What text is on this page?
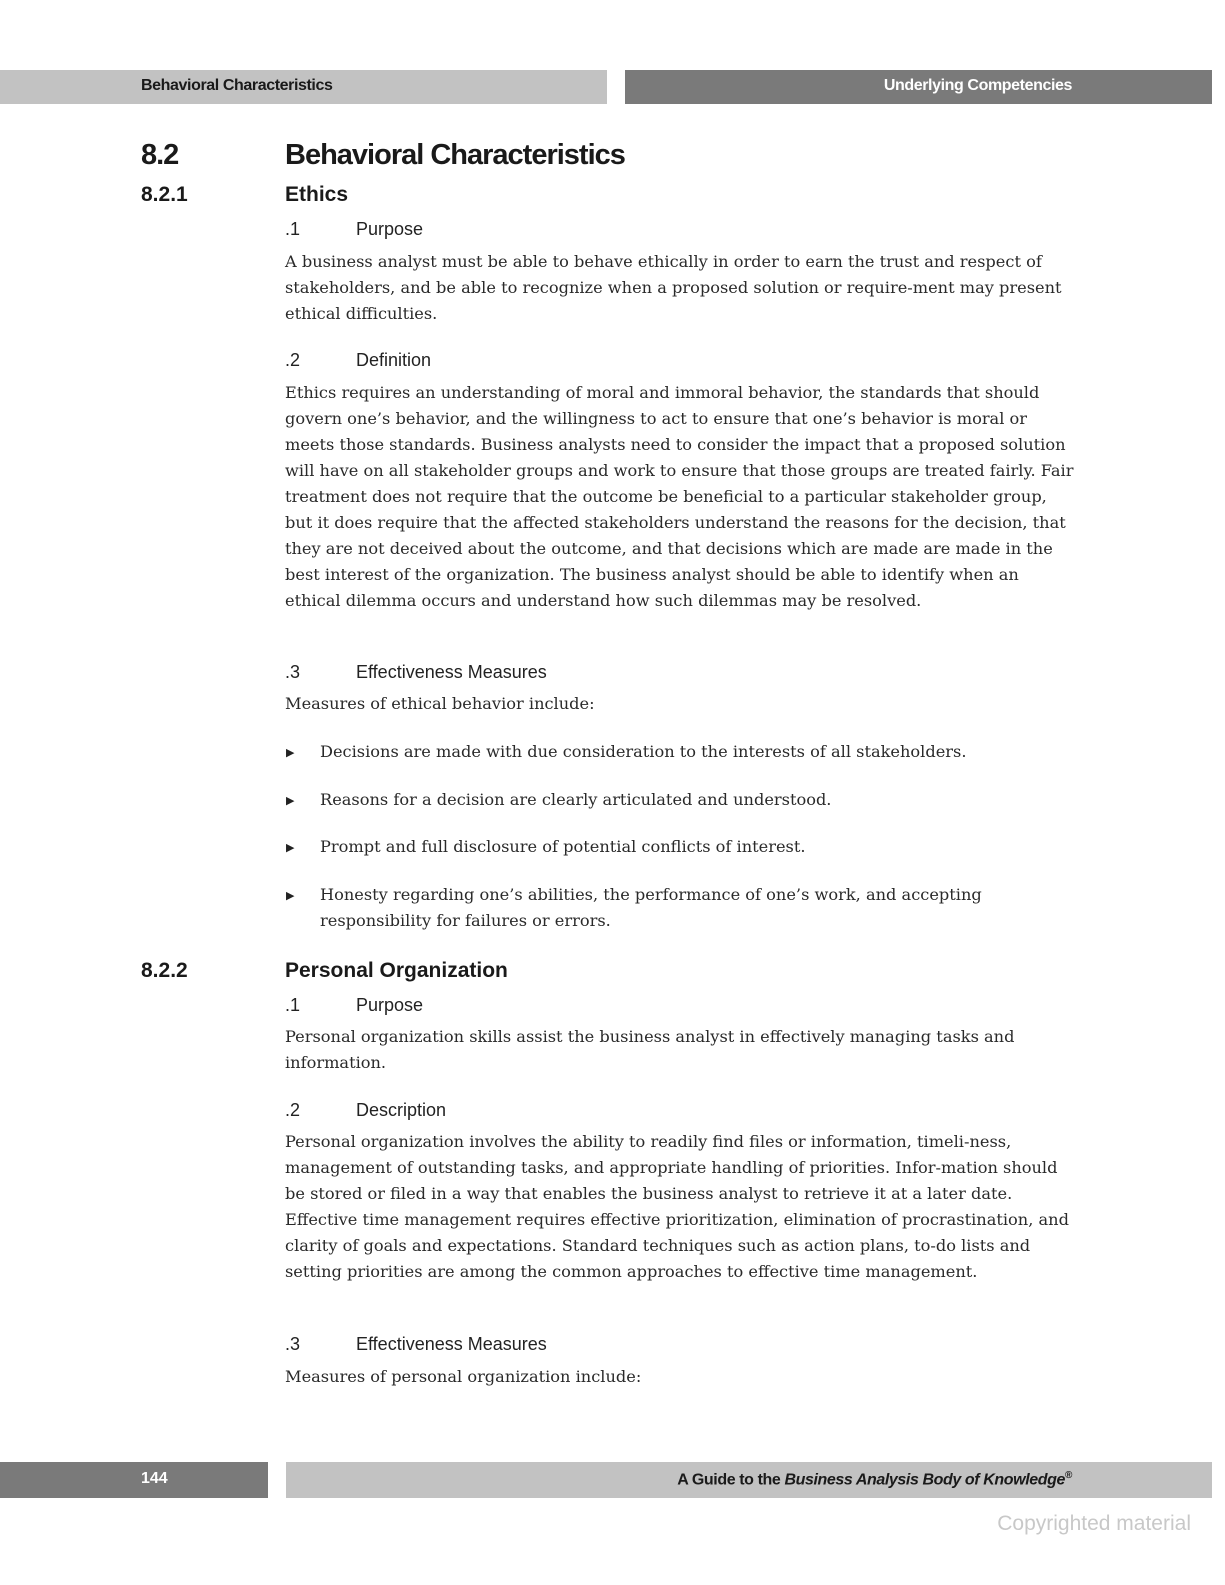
Behavioral Characteristics	Underlying Competencies
8.2	Behavioral Characteristics
8.2.1	Ethics
.1	Purpose

A business analyst must be able to behave ethically in order to earn the trust and respect of stakeholders, and be able to recognize when a proposed solution or require-ment may present ethical difficulties.

.2	Definition

Ethics requires an understanding of moral and immoral behavior, the standards that should govern one’s behavior, and the willingness to act to ensure that one’s behavior is moral or meets those standards. Business analysts need to consider the impact that a proposed solution will have on all stakeholder groups and work to ensure that those groups are treated fairly. Fair treatment does not require that the outcome be beneficial to a particular stakeholder group, but it does require that the affected stakeholders understand the reasons for the decision, that they are not deceived about the outcome, and that decisions which are made are made in the best interest of the organization. The business analyst should be able to identify when an ethical dilemma occurs and understand how such dilemmas may be resolved.

.3	Effectiveness Measures

Measures of ethical behavior include:

▶ Decisions are made with due consideration to the interests of all stakeholders.
▶ Reasons for a decision are clearly articulated and understood.
▶ Prompt and full disclosure of potential conflicts of interest.
▶ Honesty regarding one’s abilities, the performance of one’s work, and accepting responsibility for failures or errors.
8.2.2	Personal Organization
.1	Purpose

Personal organization skills assist the business analyst in effectively managing tasks and information.

.2	Description

Personal organization involves the ability to readily find files or information, timeli-ness, management of outstanding tasks, and appropriate handling of priorities. Infor-mation should be stored or filed in a way that enables the business analyst to retrieve it at a later date. Effective time management requires effective prioritization, elimination of procrastination, and clarity of goals and expectations. Standard techniques such as action plans, to-do lists and setting priorities are among the common approaches to effective time management.

.3	Effectiveness Measures

Measures of personal organization include:

144	A Guide to the Business Analysis Body of Knowledge®
Copyrighted material
